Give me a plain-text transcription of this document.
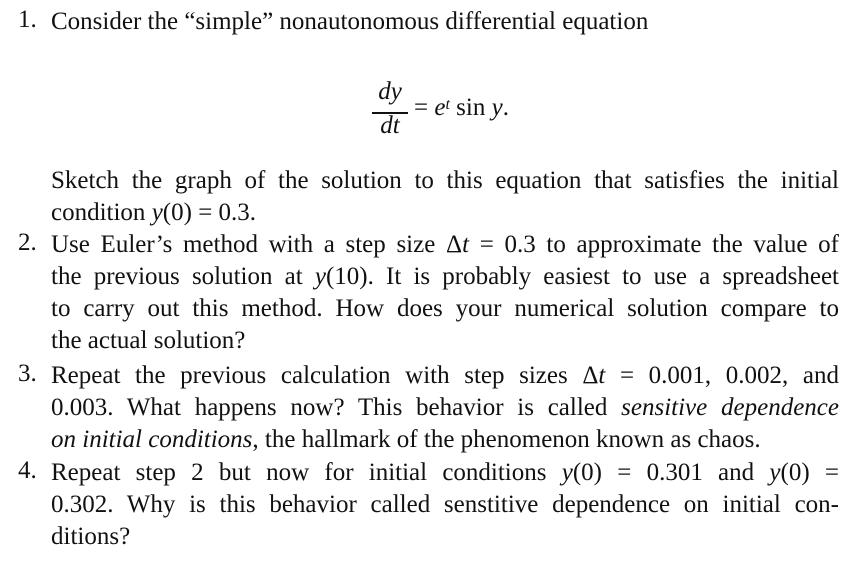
1. Consider the “simple” nonautonomous differential equation
dy
dt
= $e^t$ sin y.
Sketch the graph of the solution to this equation that satisfies the initial
condition y(0) = 0.3.
2. Use Euler’s method with a step size Δt = 0.3 to approximate the value of
the previous solution at y(10). It is probably easiest to use a spreadsheet
to carry out this method. How does your numerical solution compare to
the actual solution?
3. Repeat the previous calculation with step sizes Δt = 0.001, 0.002, and
0.003. What happens now? This behavior is called sensitive dependence
on initial conditions, the hallmark of the phenomenon known as chaos.
4. Repeat step 2 but now for initial conditions y(0) = 0.301 and y(0) =
0.302. Why is this behavior called senstitive dependence on initial con-
ditions?
